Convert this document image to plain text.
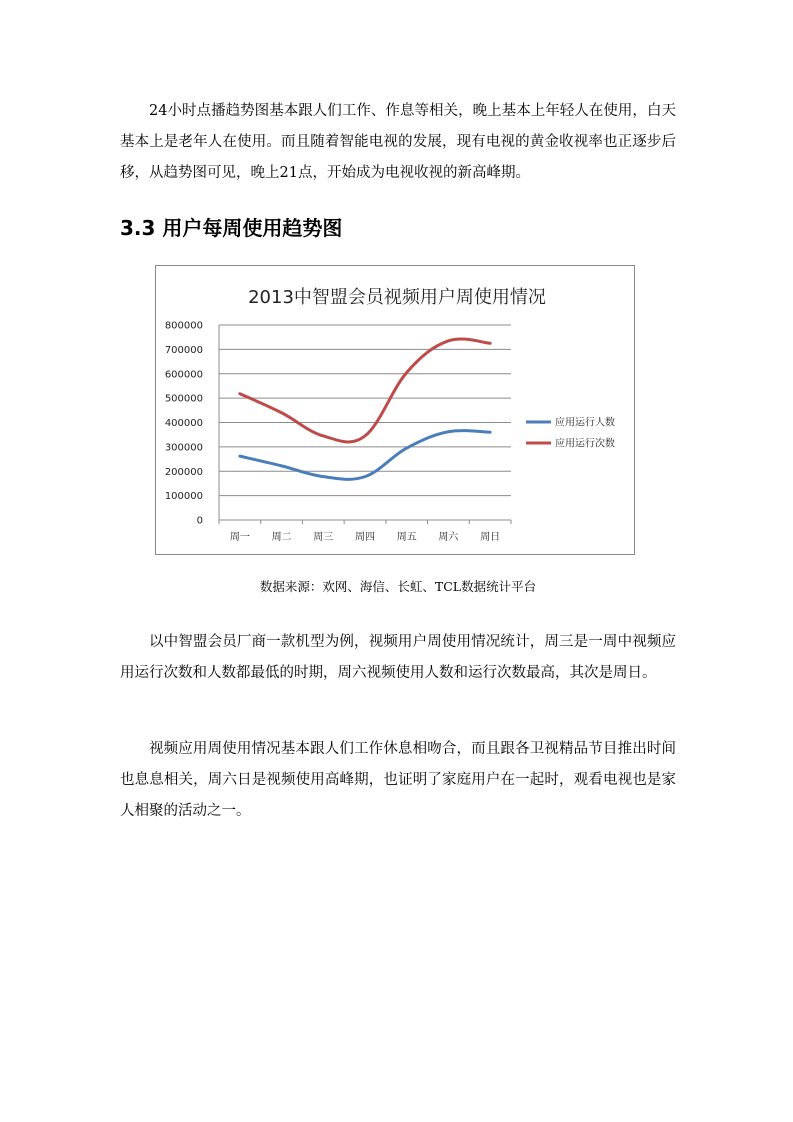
24小时点播趋势图基本跟人们工作、作息等相关，晚上基本上年轻人在使用，白天基本上是老年人在使用。而且随着智能电视的发展，现有电视的黄金收视率也正逐步后移，从趋势图可见，晚上21点，开始成为电视收视的新高峰期。

3.3 用户每周使用趋势图
2013中智盟会员视频用户周使用情况
0
100000
200000
300000
400000
500000
600000
700000
800000
周一 周二 周三 周四 周五 周六 周日
应用运行人数
应用运行次数

数据来源：欢网、海信、长虹、TCL数据统计平台

以中智盟会员厂商一款机型为例，视频用户周使用情况统计，周三是一周中视频应用运行次数和人数都最低的时期，周六视频使用人数和运行次数最高，其次是周日。

视频应用周使用情况基本跟人们工作休息相吻合，而且跟各卫视精品节目推出时间也息息相关，周六日是视频使用高峰期，也证明了家庭用户在一起时，观看电视也是家人相聚的活动之一。
